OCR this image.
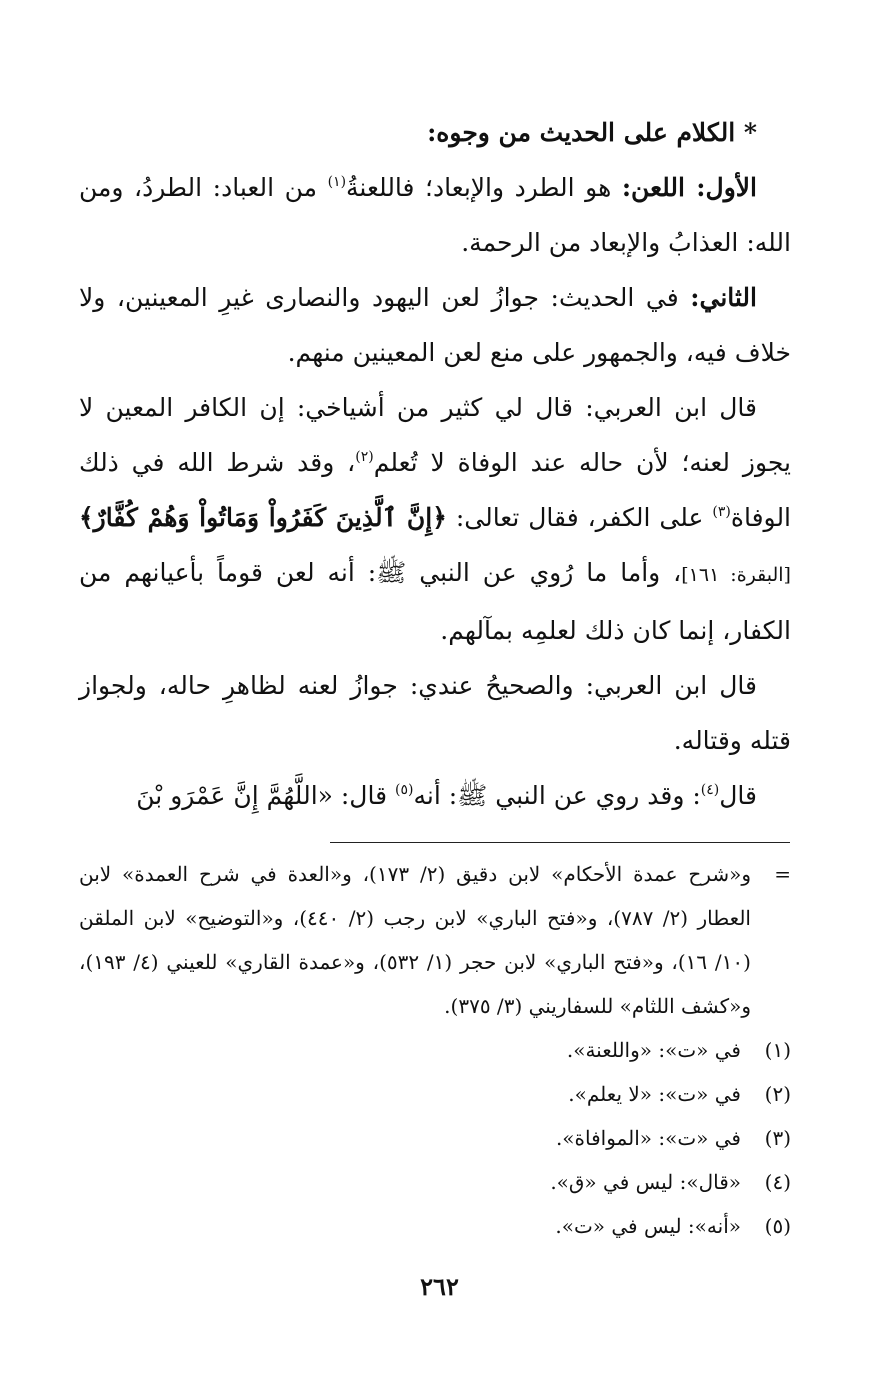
* الكلام على الحديث من وجوه:

الأول: اللعن: هو الطرد والإبعاد؛ فاللعنةُ$^{(١)}$ من العباد: الطردُ، ومن الله: العذابُ والإبعاد من الرحمة.

الثاني: في الحديث: جوازُ لعن اليهود والنصارى غيرِ المعينين، ولا خلاف فيه، والجمهور على منع لعن المعينين منهم.

قال ابن العربي: قال لي كثير من أشياخي: إن الكافر المعين لا يجوز لعنه؛ لأن حاله عند الوفاة لا تُعلم$^{(٢)}$، وقد شرط الله في ذلك الوفاة$^{(٣)}$ على الكفر، فقال تعالى: ﴿إِنَّ ٱلَّذِينَ كَفَرُواْ وَمَاتُواْ وَهُمْ كُفَّارٌ﴾[البقرة: ١٦١]، وأما ما رُوي عن النبي ﷺ: أنه لعن قوماً بأعيانهم من الكفار، إنما كان ذلك لعلمِه بمآلهم.

قال ابن العربي: والصحيحُ عندي: جوازُ لعنه لظاهرِ حاله، ولجواز قتله وقتاله.

قال$^{(٤)}$: وقد روي عن النبي ﷺ: أنه$^{(٥)}$ قال: «اللَّهُمَّ إِنَّ عَمْرَو بْنَ

=
و«شرح عمدة الأحكام» لابن دقيق (٢/ ١٧٣)، و«العدة في شرح العمدة» لابن العطار (٢/ ٧٨٧)، و«فتح الباري» لابن رجب (٢/ ٤٤٠)، و«التوضيح» لابن الملقن (١٠/ ١٦)، و«فتح الباري» لابن حجر (١/ ٥٣٢)، و«عمدة القاري» للعيني (٤/ ١٩٣)، و«كشف اللثام» للسفاريني (٣/ ٣٧٥).
(١)
في «ت»: «واللعنة».
(٢)
في «ت»: «لا يعلم».
(٣)
في «ت»: «الموافاة».
(٤)
«قال»: ليس في «ق».
(٥)
«أنه»: ليس في «ت».
٢٦٢
